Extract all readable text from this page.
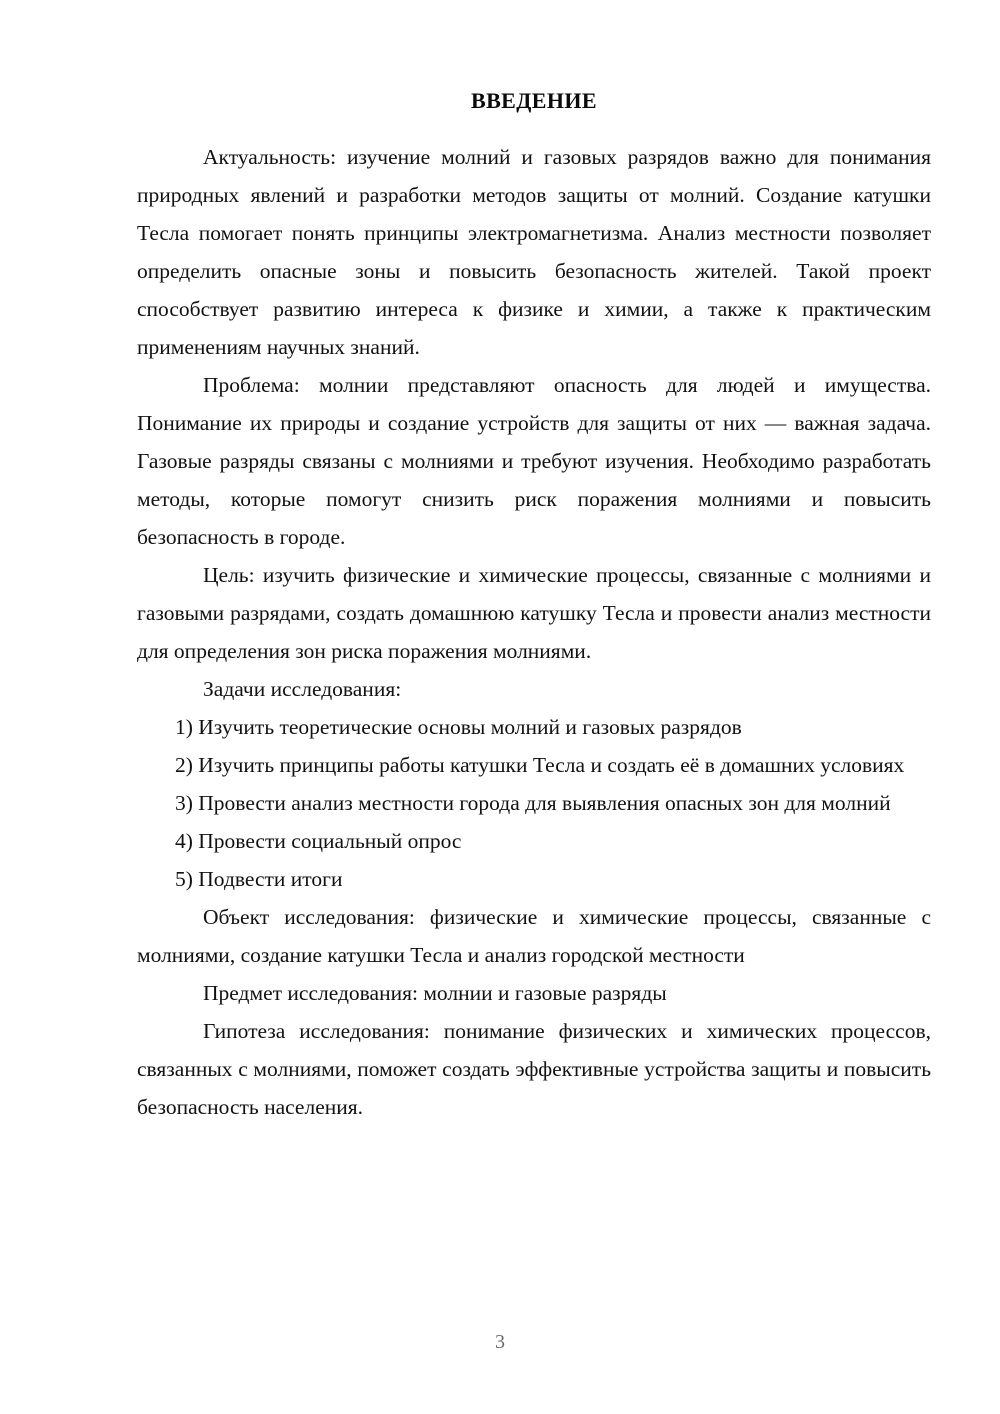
ВВЕДЕНИЕ

Актуальность: изучение молний и газовых разрядов важно для понимания природных явлений и разработки методов защиты от молний. Создание катушки Тесла помогает понять принципы электромагнетизма. Анализ местности позволяет определить опасные зоны и повысить безопасность жителей. Такой проект способствует развитию интереса к физике и химии, а также к практическим применениям научных знаний.

Проблема: молнии представляют опасность для людей и имущества. Понимание их природы и создание устройств для защиты от них — важная задача. Газовые разряды связаны с молниями и требуют изучения. Необходимо разработать методы, которые помогут снизить риск поражения молниями и повысить безопасность в городе.

Цель: изучить физические и химические процессы, связанные с молниями и газовыми разрядами, создать домашнюю катушку Тесла и провести анализ местности для определения зон риска поражения молниями.

Задачи исследования:

1) Изучить теоретические основы молний и газовых разрядов

2) Изучить принципы работы катушки Тесла и создать её в домашних условиях

3) Провести анализ местности города для выявления опасных зон для молний

4) Провести социальный опрос

5) Подвести итоги

Объект исследования: физические и химические процессы, связанные с молниями, создание катушки Тесла и анализ городской местности

Предмет исследования: молнии и газовые разряды

Гипотеза исследования: понимание физических и химических процессов, связанных с молниями, поможет создать эффективные устройства защиты и повысить безопасность населения.

3
